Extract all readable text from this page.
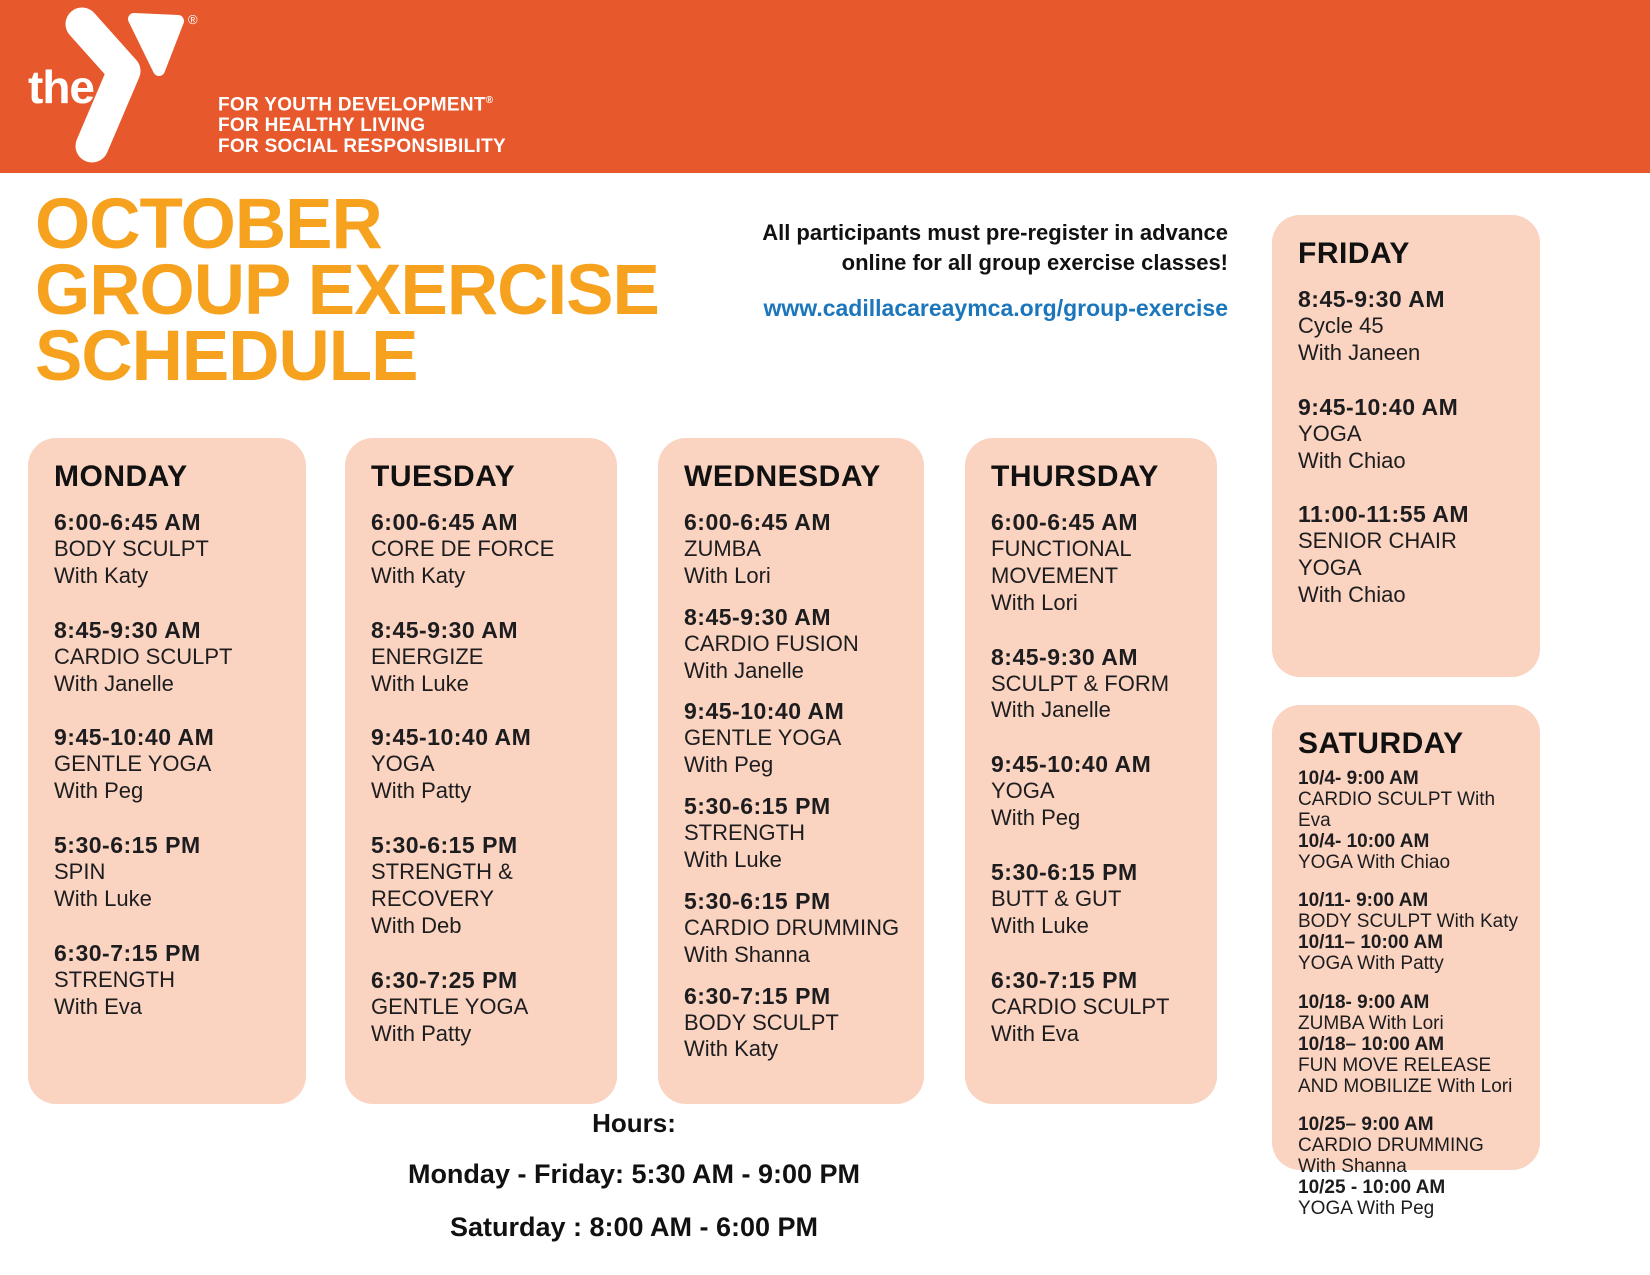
the
YMCA
®
FOR YOUTH DEVELOPMENT®
FOR HEALTHY LIVING
FOR SOCIAL RESPONSIBILITY
OCTOBER
GROUP EXERCISE
SCHEDULE
All participants must pre-register in advance
online for all group exercise classes!
www.cadillacareaymca.org/group-exercise
MONDAY
6:00-6:45 AM
BODY SCULPT
With Katy
8:45-9:30 AM
CARDIO SCULPT
With Janelle
9:45-10:40 AM
GENTLE YOGA
With Peg
5:30-6:15 PM
SPIN
With Luke
6:30-7:15 PM
STRENGTH
With Eva
TUESDAY
6:00-6:45 AM
CORE DE FORCE
With Katy
8:45-9:30 AM
ENERGIZE
With Luke
9:45-10:40 AM
YOGA
With Patty
5:30-6:15 PM
STRENGTH & RECOVERY
With Deb
6:30-7:25 PM
GENTLE YOGA
With Patty
WEDNESDAY
6:00-6:45 AM
ZUMBA
With Lori
8:45-9:30 AM
CARDIO FUSION
With Janelle
9:45-10:40 AM
GENTLE YOGA
With Peg
5:30-6:15 PM
STRENGTH
With Luke
5:30-6:15 PM
CARDIO DRUMMING
With Shanna
6:30-7:15 PM
BODY SCULPT
With Katy
THURSDAY
6:00-6:45 AM
FUNCTIONAL MOVEMENT
With Lori
8:45-9:30 AM
SCULPT & FORM
With Janelle
9:45-10:40 AM
YOGA
With Peg
5:30-6:15 PM
BUTT & GUT
With Luke
6:30-7:15 PM
CARDIO SCULPT
With Eva
FRIDAY
8:45-9:30 AM
Cycle 45
With Janeen
9:45-10:40 AM
YOGA
With Chiao
11:00-11:55 AM
SENIOR CHAIR YOGA
With Chiao
SATURDAY
10/4- 9:00 AM
CARDIO SCULPT With Eva
10/4- 10:00 AM
YOGA With Chiao
10/11- 9:00 AM
BODY SCULPT With Katy
10/11– 10:00 AM
YOGA With Patty
10/18- 9:00 AM
ZUMBA With Lori
10/18– 10:00 AM
FUN MOVE RELEASE AND MOBILIZE With Lori
10/25– 9:00 AM
CARDIO DRUMMING With Shanna
10/25 - 10:00 AM
YOGA With Peg
Hours:
Monday - Friday: 5:30 AM - 9:00 PM
Saturday : 8:00 AM - 6:00 PM
